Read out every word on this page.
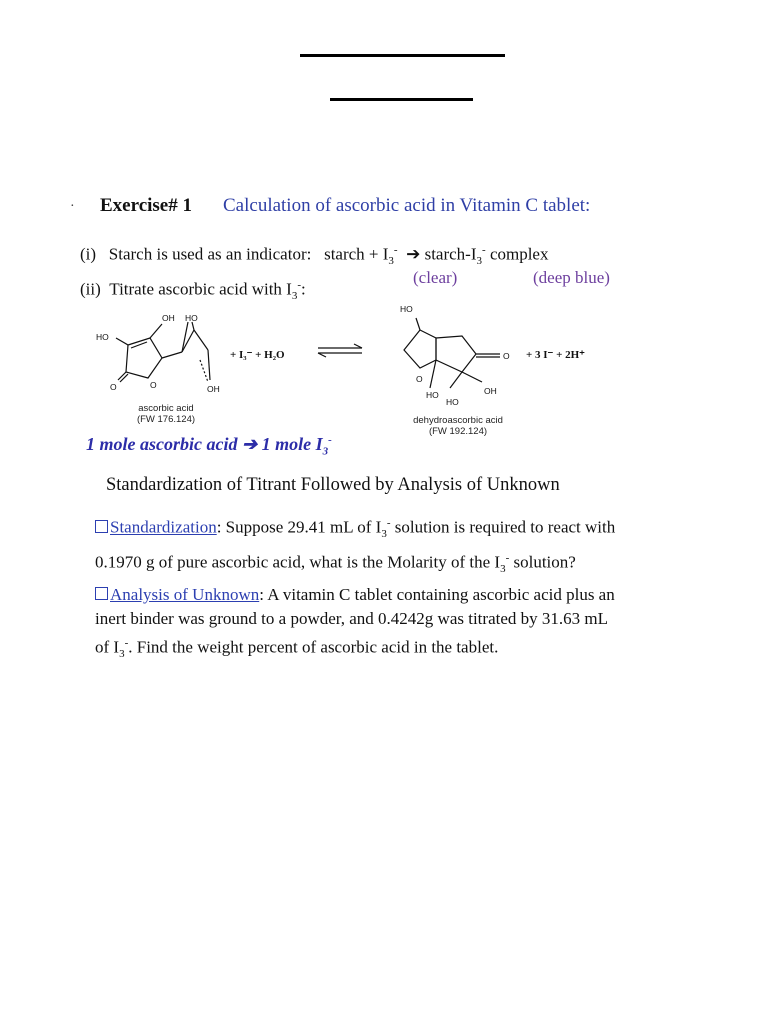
· Exercise# 1 Calculation of ascorbic acid in Vitamin C tablet:
(i) Starch is used as an indicator: starch + $I_3^-$ ➔ starch-$I_3^-$ complex
(clear)	(deep blue)
(ii) Titrate ascorbic acid with $I_3^-$:
OH HO
HO
O	O	OH
+ I₃⁻ + H₂O
HO
O
O
OH
HO
HO
+ 3 I⁻ + 2H⁺
ascorbic acid
(FW 176.124)	dehydroascorbic acid
(FW 192.124)
1 mole ascorbic acid ➔ 1 mole $I_3^-$
Standardization of Titrant Followed by Analysis of Unknown
Standardization: Suppose 29.41 mL of $I_3^-$ solution is required to react with
0.1970 g of pure ascorbic acid, what is the Molarity of the $I_3^-$ solution?
Analysis of Unknown: A vitamin C tablet containing ascorbic acid plus an
inert binder was ground to a powder, and 0.4242g was titrated by 31.63 mL
of $I_3^-$. Find the weight percent of ascorbic acid in the tablet.
